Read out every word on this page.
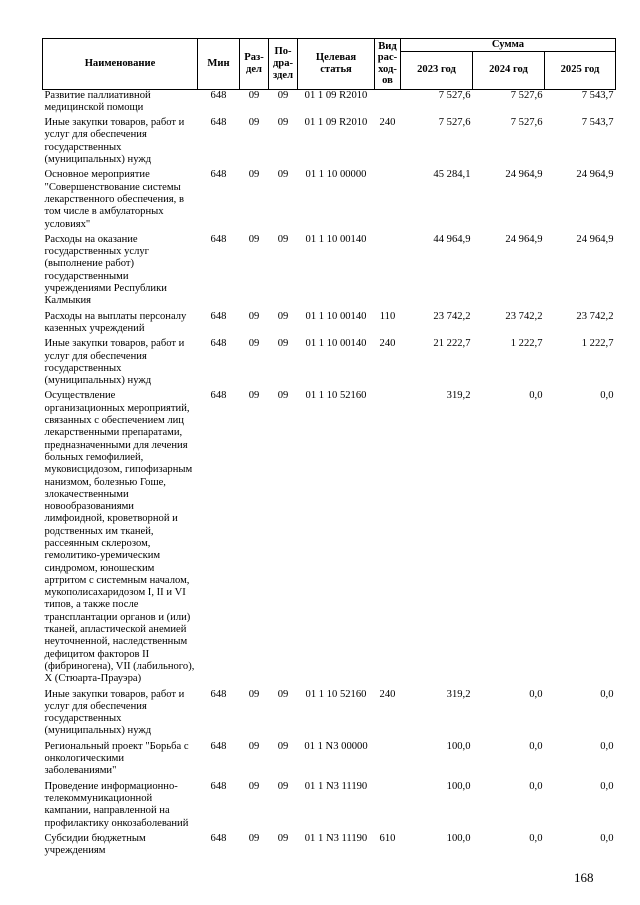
Наименование	Мин	Раздел	Подраздел	Целевая статья	Вид расходов	Сумма		
						2023 год	2024 год	2025 год
Развитие паллиативной медицинской помощи	648	09	09	01 1 09 R2010		7 527,6	7 527,6	7 543,7
Иные закупки товаров, работ и услуг для обеспечения государственных (муниципальных) нужд	648	09	09	01 1 09 R2010	240	7 527,6	7 527,6	7 543,7
Основное мероприятие "Совершенствование системы лекарственного обеспечения, в том числе в амбулаторных условиях"	648	09	09	01 1 10 00000		45 284,1	24 964,9	24 964,9
Расходы на оказание государственных услуг (выполнение работ) государственными учреждениями Республики Калмыкия	648	09	09	01 1 10 00140		44 964,9	24 964,9	24 964,9
Расходы на выплаты персоналу казенных учреждений	648	09	09	01 1 10 00140	110	23 742,2	23 742,2	23 742,2
Иные закупки товаров, работ и услуг для обеспечения государственных (муниципальных) нужд	648	09	09	01 1 10 00140	240	21 222,7	1 222,7	1 222,7
Осуществление организационных мероприятий, связанных с обеспечением лиц лекарственными препаратами, предназначенными для лечения больных гемофилией, муковисцидозом, гипофизарным нанизмом, болезнью Гоше, злокачественными новообразованиями лимфоидной, кроветворной и родственных им тканей, рассеянным склерозом, гемолитико-уремическим синдромом, юношеским артритом с системным началом, мукополисахаридозом I, II и VI типов, а также после трансплантации органов и (или) тканей, апластической анемией неуточненной, наследственным дефицитом факторов II (фибриногена), VII (лабильного), X (Стюарта-Прауэра)	648	09	09	01 1 10 52160		319,2	0,0	0,0
Иные закупки товаров, работ и услуг для обеспечения государственных (муниципальных) нужд	648	09	09	01 1 10 52160	240	319,2	0,0	0,0
Региональный проект "Борьба с онкологическими заболеваниями"	648	09	09	01 1 N3 00000		100,0	0,0	0,0
Проведение информационно-телекоммуникационной кампании, направленной на профилактику онкозаболеваний	648	09	09	01 1 N3 11190		100,0	0,0	0,0
Субсидии бюджетным учреждениям	648	09	09	01 1 N3 11190	610	100,0	0,0	0,0
168
